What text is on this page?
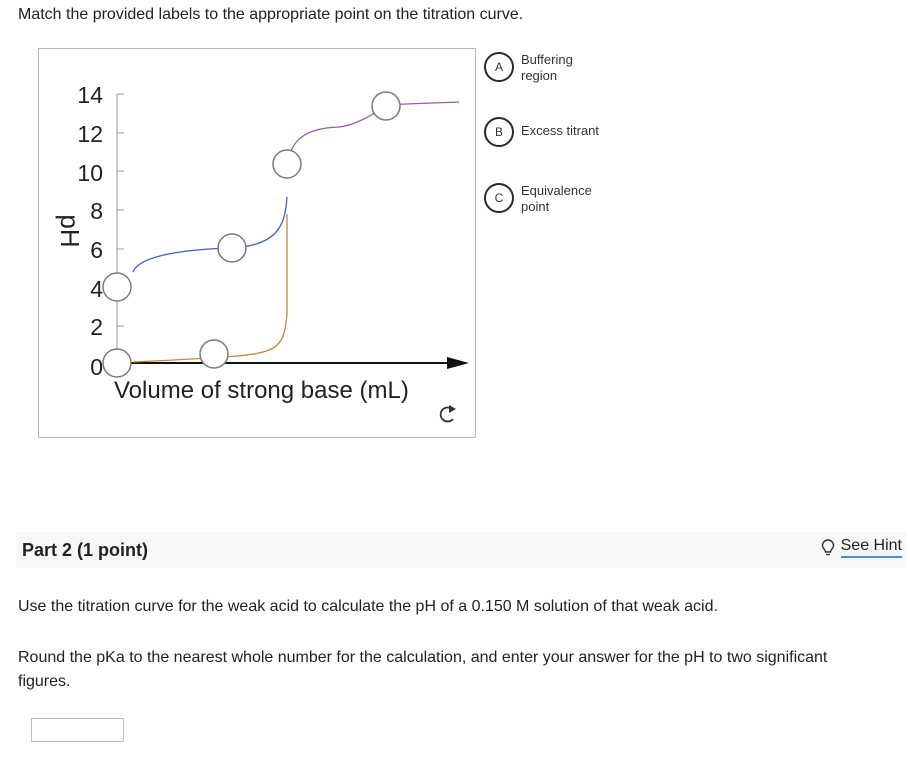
Match the provided labels to the appropriate point on the titration curve.
pH
14
12
10
8
6
4
2
0
Volume of strong base (mL)
A	Buffering
region
B	Excess titrant
C	Equivalence
point
Part 2 (1 point)	See Hint
Use the titration curve for the weak acid to calculate the pH of a 0.150 M solution of that weak acid.
Round the pKa to the nearest whole number for the calculation, and enter your answer for the pH to two significant figures.
